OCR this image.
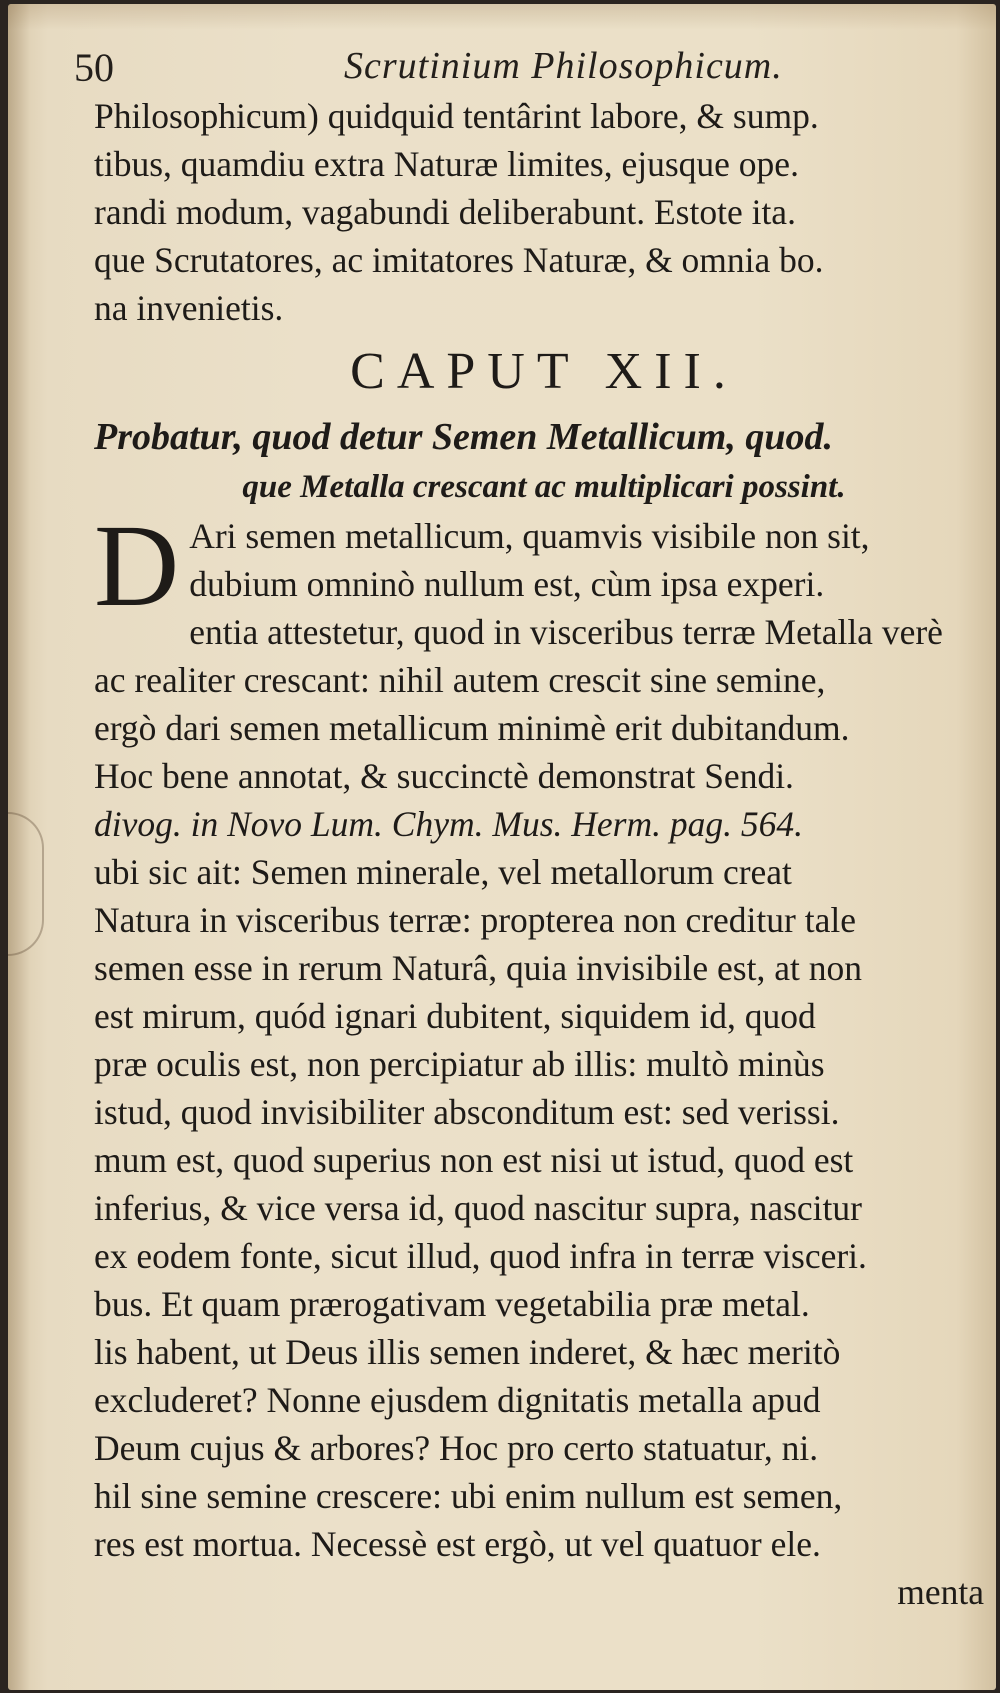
50	Scrutinium Philosophicum.
Philosophicum) quidquid tentârint labore, & sump.
tibus, quamdiu extra Naturæ limites, ejusque ope.
randi modum, vagabundi deliberabunt. Estote ita.
que Scrutatores, ac imitatores Naturæ, & omnia bo.
na invenietis.
CAPUT XII.
Probatur, quod detur Semen Metallicum, quod.
que Metalla crescant ac multiplicari possint.
D Ari semen metallicum, quamvis visibile non sit,
dubium omninò nullum est, cùm ipsa experi.
entia attestetur, quod in visceribus terræ Metalla verè
ac realiter crescant: nihil autem crescit sine semine,
ergò dari semen metallicum minimè erit dubitandum.
Hoc bene annotat, & succinctè demonstrat Sendi.
divog. in Novo Lum. Chym. Mus. Herm. pag. 564.
ubi sic ait: Semen minerale, vel metallorum creat
Natura in visceribus terræ: propterea non creditur tale
semen esse in rerum Naturâ, quia invisibile est, at non
est mirum, quód ignari dubitent, siquidem id, quod
præ oculis est, non percipiatur ab illis: multò minùs
istud, quod invisibiliter absconditum est: sed verissi.
mum est, quod superius non est nisi ut istud, quod est
inferius, & vice versa id, quod nascitur supra, nascitur
ex eodem fonte, sicut illud, quod infra in terræ visceri.
bus. Et quam prærogativam vegetabilia præ metal.
lis habent, ut Deus illis semen inderet, & hæc meritò
excluderet? Nonne ejusdem dignitatis metalla apud
Deum cujus & arbores? Hoc pro certo statuatur, ni.
hil sine semine crescere: ubi enim nullum est semen,
res est mortua. Necessè est ergò, ut vel quatuor ele.
menta
